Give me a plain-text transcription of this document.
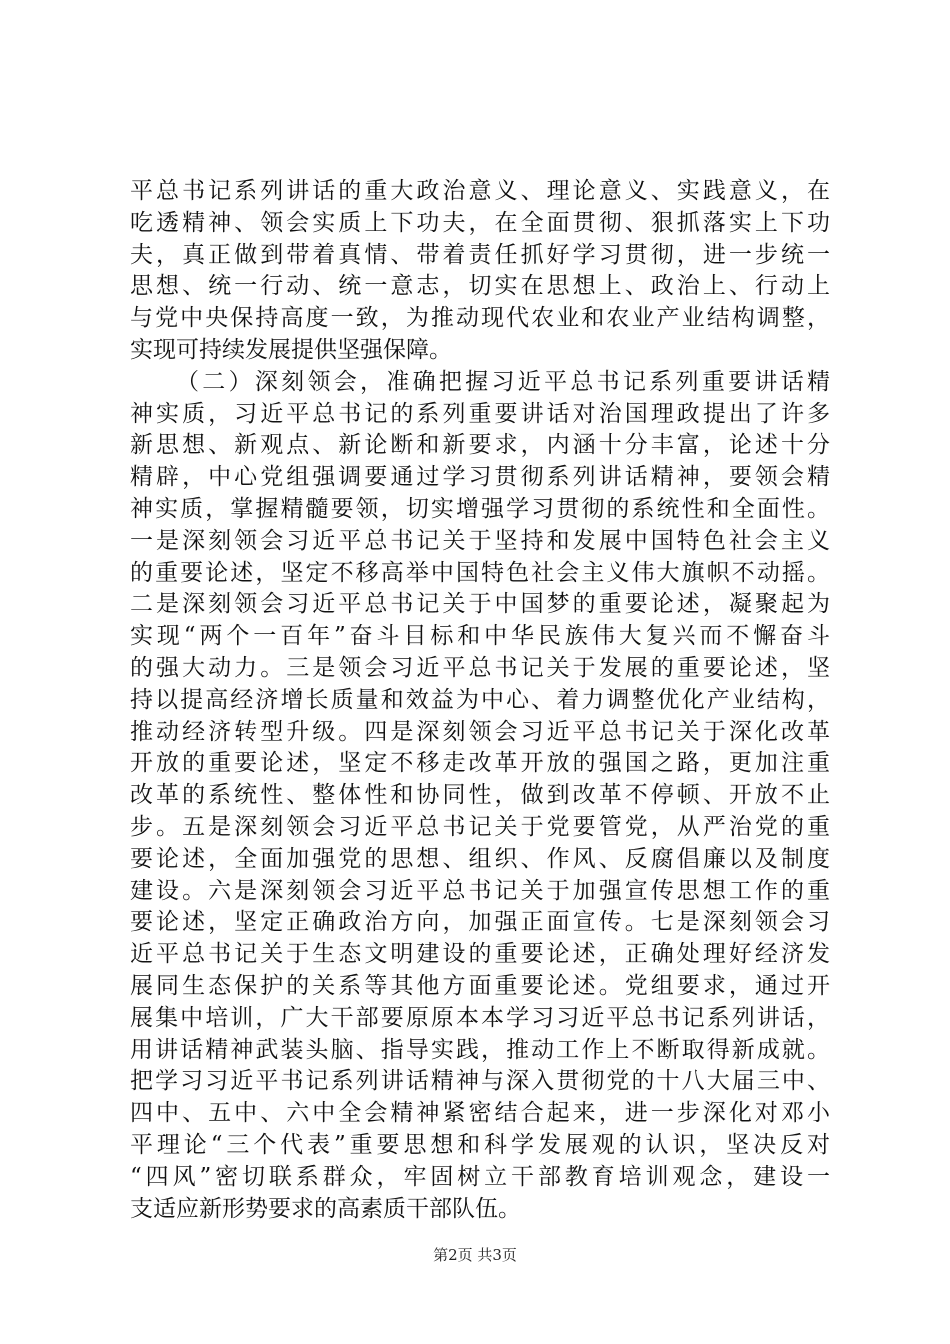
平总书记系列讲话的重大政治意义、理论意义、实践意义，在
吃透精神、领会实质上下功夫，在全面贯彻、狠抓落实上下功
夫，真正做到带着真情、带着责任抓好学习贯彻，进一步统一
思想、统一行动、统一意志，切实在思想上、政治上、行动上
与党中央保持高度一致，为推动现代农业和农业产业结构调整，
实现可持续发展提供坚强保障。
（二）深刻领会，准确把握习近平总书记系列重要讲话精
神实质，习近平总书记的系列重要讲话对治国理政提出了许多
新思想、新观点、新论断和新要求，内涵十分丰富，论述十分
精辟，中心党组强调要通过学习贯彻系列讲话精神，要领会精
神实质，掌握精髓要领，切实增强学习贯彻的系统性和全面性。
一是深刻领会习近平总书记关于坚持和发展中国特色社会主义
的重要论述，坚定不移高举中国特色社会主义伟大旗帜不动摇。
二是深刻领会习近平总书记关于中国梦的重要论述，凝聚起为
实现“两个一百年”奋斗目标和中华民族伟大复兴而不懈奋斗
的强大动力。三是领会习近平总书记关于发展的重要论述，坚
持以提高经济增长质量和效益为中心、着力调整优化产业结构，
推动经济转型升级。四是深刻领会习近平总书记关于深化改革
开放的重要论述，坚定不移走改革开放的强国之路，更加注重
改革的系统性、整体性和协同性，做到改革不停顿、开放不止
步。五是深刻领会习近平总书记关于党要管党，从严治党的重
要论述，全面加强党的思想、组织、作风、反腐倡廉以及制度
建设。六是深刻领会习近平总书记关于加强宣传思想工作的重
要论述，坚定正确政治方向，加强正面宣传。七是深刻领会习
近平总书记关于生态文明建设的重要论述，正确处理好经济发
展同生态保护的关系等其他方面重要论述。党组要求，通过开
展集中培训，广大干部要原原本本学习习近平总书记系列讲话，
用讲话精神武装头脑、指导实践，推动工作上不断取得新成就。
把学习习近平书记系列讲话精神与深入贯彻党的十八大届三中、
四中、五中、六中全会精神紧密结合起来，进一步深化对邓小
平理论“三个代表”重要思想和科学发展观的认识，坚决反对
“四风”密切联系群众，牢固树立干部教育培训观念，建设一
支适应新形势要求的高素质干部队伍。
第2页 共3页
